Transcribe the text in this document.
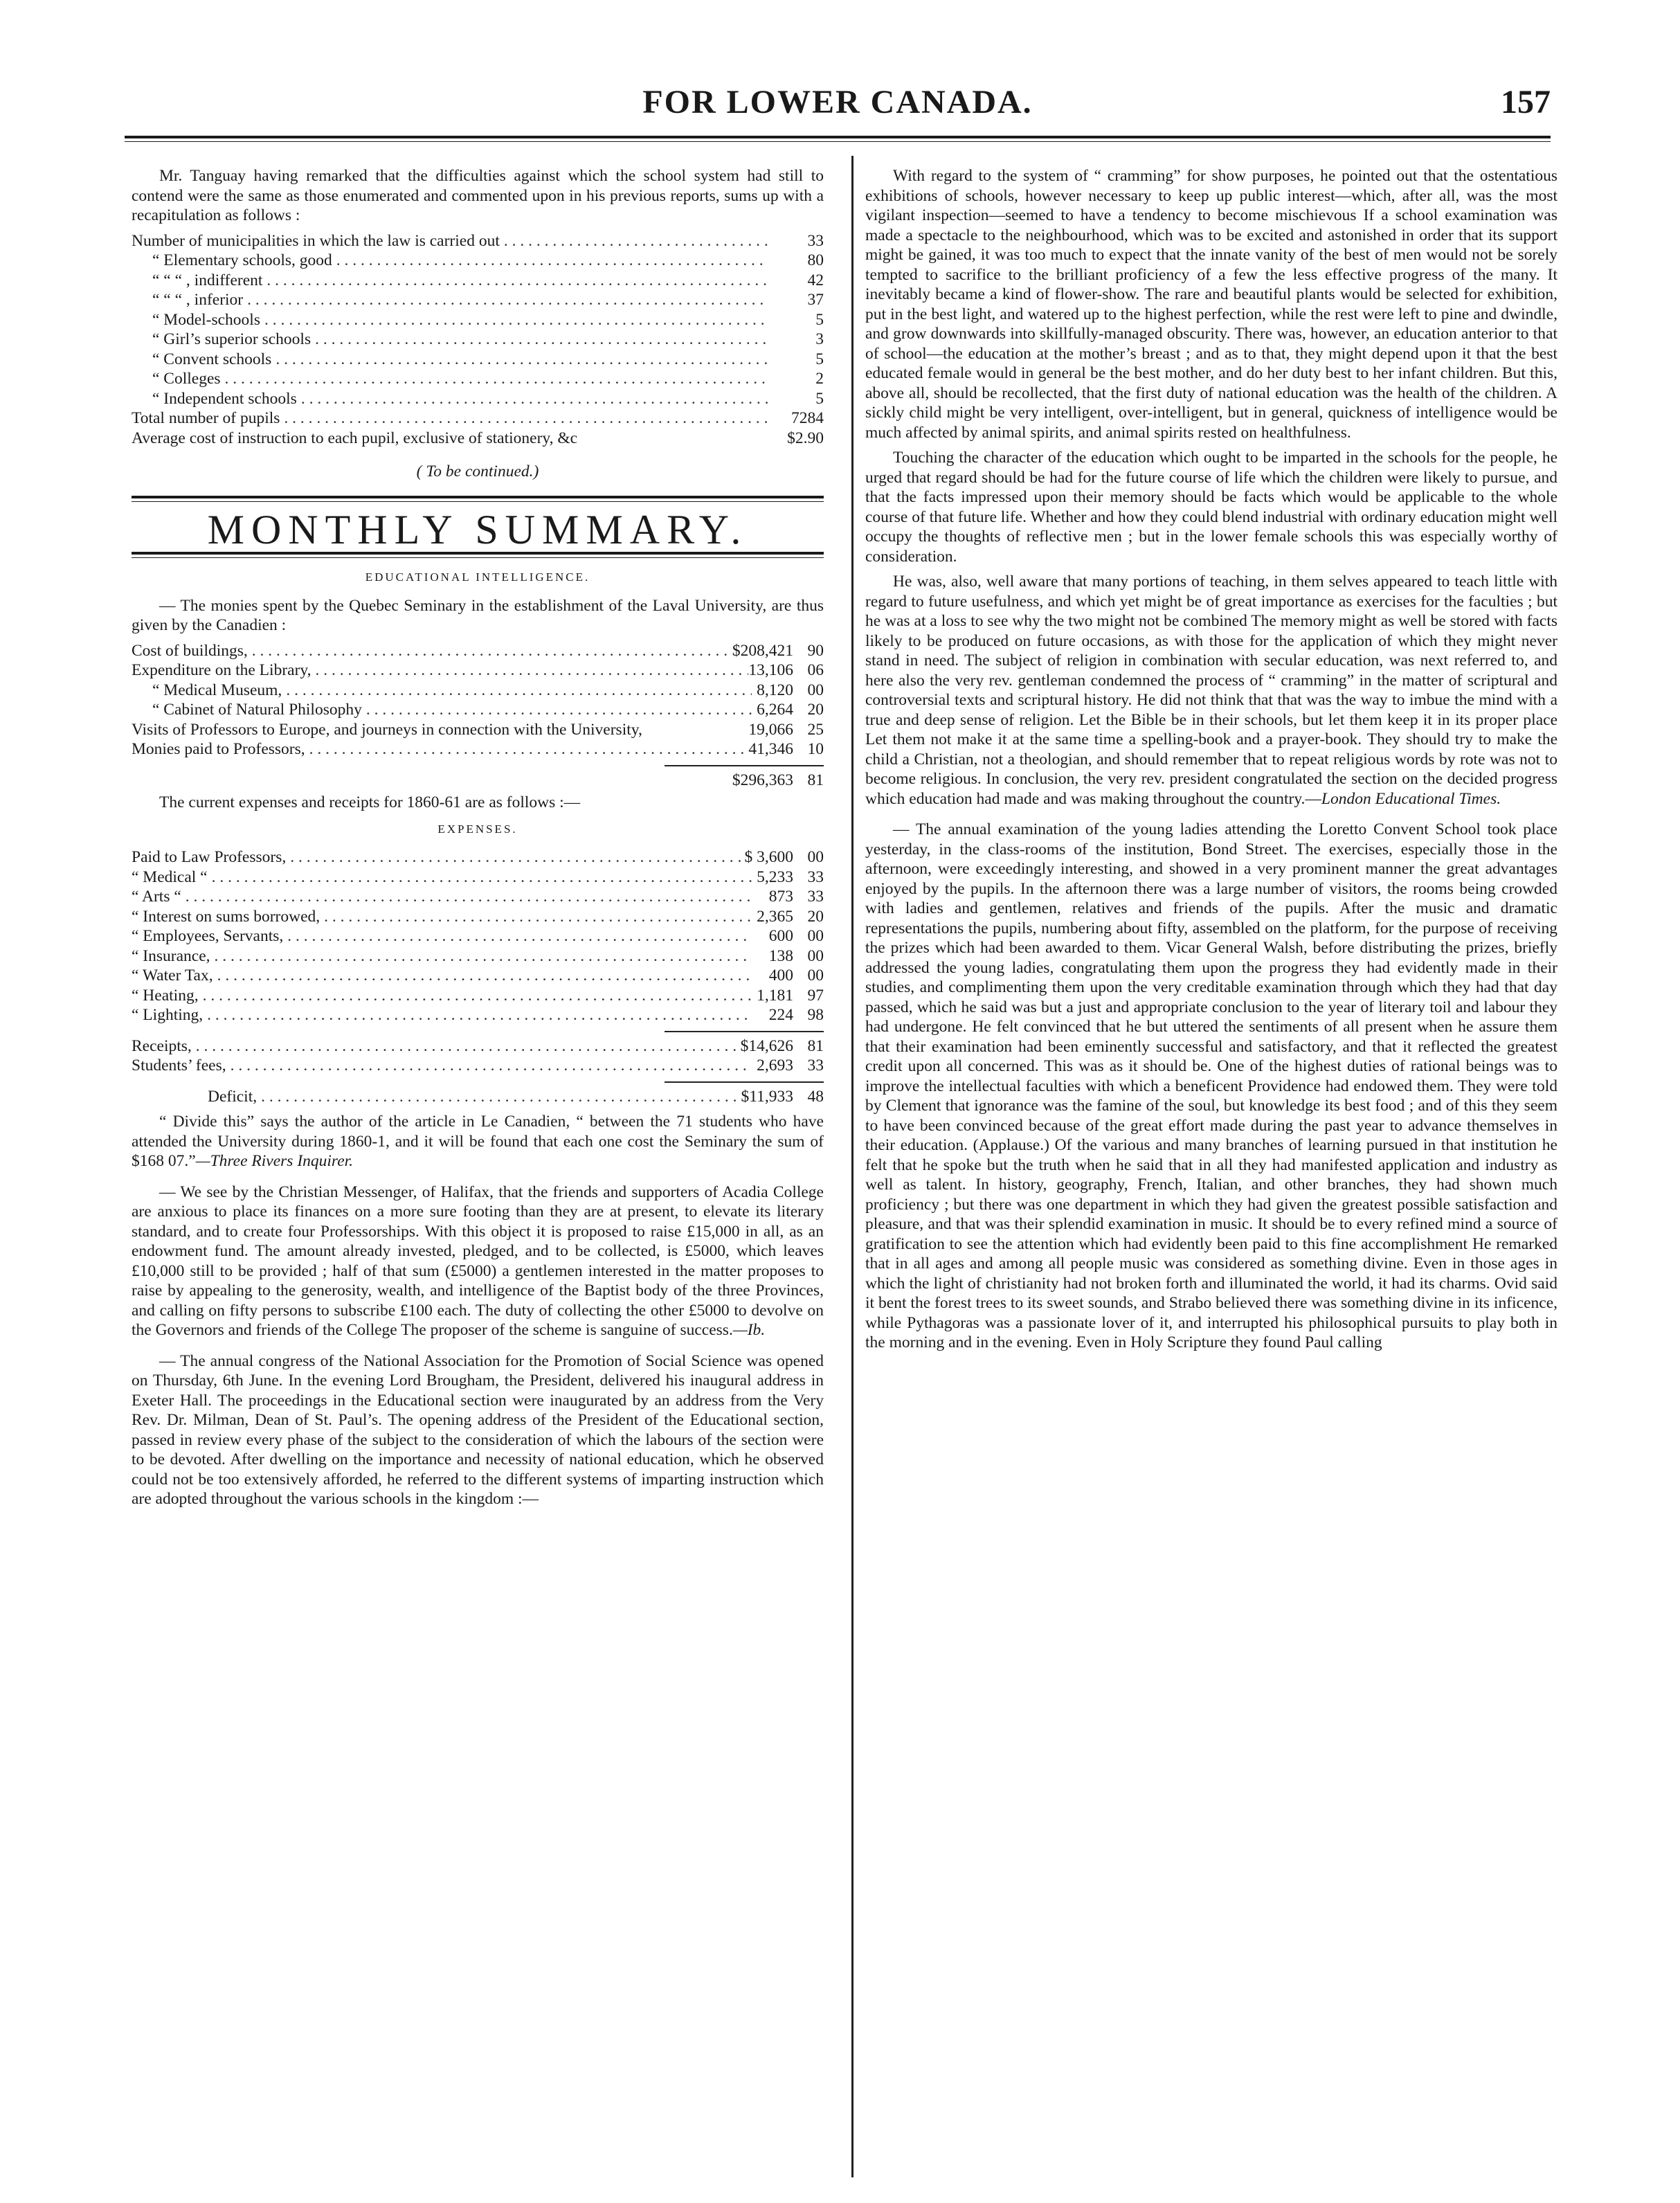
FOR LOWER CANADA.	157

Mr. Tanguay having remarked that the difficulties against which the school system had still to contend were the same as those enumerated and commented upon in his previous reports, sums up with a recapitulation as follows :

Number of municipalities in which the law is carried out . . .	33
“ Elementary schools, good . . .	80
“ “ “ , indifferent . . .	42
“ “ “ , inferior . . .	37
“ Model-schools . . .	5
“ Girl’s superior schools . . .	3
“ Convent schools . . .	5
“ Colleges . . .	2
“ Independent schools . . .	5
Total number of pupils . . .	7284
Average cost of instruction to each pupil, exclusive of stationery, &c	$2.90
( To be continued.)
MONTHLY SUMMARY.
EDUCATIONAL INTELLIGENCE.

— The monies spent by the Quebec Seminary in the establishment of the Laval University, are thus given by the Canadien :

Cost of buildings, . . .	$208,421 90
Expenditure on the Library, . . .	13,106 06
“ Medical Museum, . . .	8,120 00
“ Cabinet of Natural Philosophy . . .	6,264 20
Visits of Professors to Europe, and journeys in connection with the University,	19,066 25
Monies paid to Professors, . . .	41,346 10
$296,363 81

The current expenses and receipts for 1860-61 are as follows :—

EXPENSES.
Paid to Law Professors, . . .	$ 3,600 00
“ Medical “ . . .	5,233 33
“ Arts “ . . .	873 33
“ Interest on sums borrowed, . . .	2,365 20
“ Employees, Servants, . . .	600 00
“ Insurance, . . .	138 00
“ Water Tax, . . .	400 00
“ Heating, . . .	1,181 97
“ Lighting, . . .	224 98
Receipts, . . .	$14,626 81
Students’ fees, . . .	2,693 33
Deficit, . . .	$11,933 48

“ Divide this” says the author of the article in Le Canadien, “ between the 71 students who have attended the University during 1860-1, and it will be found that each one cost the Seminary the sum of $168 07.”—Three Rivers Inquirer.

— We see by the Christian Messenger, of Halifax, that the friends and supporters of Acadia College are anxious to place its finances on a more sure footing than they are at present, to elevate its literary standard, and to create four Professorships. With this object it is proposed to raise £15,000 in all, as an endowment fund. The amount already invested, pledged, and to be collected, is £5000, which leaves £10,000 still to be provided ; half of that sum (£5000) a gentlemen interested in the matter proposes to raise by appealing to the generosity, wealth, and intelligence of the Baptist body of the three Provinces, and calling on fifty persons to subscribe £100 each. The duty of collecting the other £5000 to devolve on the Governors and friends of the College The proposer of the scheme is sanguine of success.—Ib.

— The annual congress of the National Association for the Promotion of Social Science was opened on Thursday, 6th June. In the evening Lord Brougham, the President, delivered his inaugural address in Exeter Hall. The proceedings in the Educational section were inaugurated by an address from the Very Rev. Dr. Milman, Dean of St. Paul’s. The opening address of the President of the Educational section, passed in review every phase of the subject to the consideration of which the labours of the section were to be devoted. After dwelling on the importance and necessity of national education, which he observed could not be too extensively afforded, he referred to the different systems of imparting instruction which are adopted throughout the various schools in the kingdom :—

With regard to the system of “ cramming” for show purposes, he pointed out that the ostentatious exhibitions of schools, however necessary to keep up public interest—which, after all, was the most vigilant inspection—seemed to have a tendency to become mischievous If a school examination was made a spectacle to the neighbourhood, which was to be excited and astonished in order that its support might be gained, it was too much to expect that the innate vanity of the best of men would not be sorely tempted to sacrifice to the brilliant proficiency of a few the less effective progress of the many. It inevitably became a kind of flower-show. The rare and beautiful plants would be selected for exhibition, put in the best light, and watered up to the highest perfection, while the rest were left to pine and dwindle, and grow downwards into skillfully-managed obscurity. There was, however, an education anterior to that of school—the education at the mother’s breast ; and as to that, they might depend upon it that the best educated female would in general be the best mother, and do her duty best to her infant children. But this, above all, should be recollected, that the first duty of national education was the health of the children. A sickly child might be very intelligent, over-intelligent, but in general, quickness of intelligence would be much affected by animal spirits, and animal spirits rested on healthfulness.

Touching the character of the education which ought to be imparted in the schools for the people, he urged that regard should be had for the future course of life which the children were likely to pursue, and that the facts impressed upon their memory should be facts which would be applicable to the whole course of that future life. Whether and how they could blend industrial with ordinary education might well occupy the thoughts of reflective men ; but in the lower female schools this was especially worthy of consideration.

He was, also, well aware that many portions of teaching, in them selves appeared to teach little with regard to future usefulness, and which yet might be of great importance as exercises for the faculties ; but he was at a loss to see why the two might not be combined The memory might as well be stored with facts likely to be produced on future occasions, as with those for the application of which they might never stand in need. The subject of religion in combination with secular education, was next referred to, and here also the very rev. gentleman condemned the process of “ cramming” in the matter of scriptural and controversial texts and scriptural history. He did not think that that was the way to imbue the mind with a true and deep sense of religion. Let the Bible be in their schools, but let them keep it in its proper place Let them not make it at the same time a spelling-book and a prayer-book. They should try to make the child a Christian, not a theologian, and should remember that to repeat religious words by rote was not to become religious. In conclusion, the very rev. president congratulated the section on the decided progress which education had made and was making throughout the country.—London Educational Times.

— The annual examination of the young ladies attending the Loretto Convent School took place yesterday, in the class-rooms of the institution, Bond Street. The exercises, especially those in the afternoon, were exceedingly interesting, and showed in a very prominent manner the great advantages enjoyed by the pupils. In the afternoon there was a large number of visitors, the rooms being crowded with ladies and gentlemen, relatives and friends of the pupils. After the music and dramatic representations the pupils, numbering about fifty, assembled on the platform, for the purpose of receiving the prizes which had been awarded to them. Vicar General Walsh, before distributing the prizes, briefly addressed the young ladies, congratulating them upon the progress they had evidently made in their studies, and complimenting them upon the very creditable examination through which they had that day passed, which he said was but a just and appropriate conclusion to the year of literary toil and labour they had undergone. He felt convinced that he but uttered the sentiments of all present when he assure them that their examination had been eminently successful and satisfactory, and that it reflected the greatest credit upon all concerned. This was as it should be. One of the highest duties of rational beings was to improve the intellectual faculties with which a beneficent Providence had endowed them. They were told by Clement that ignorance was the famine of the soul, but knowledge its best food ; and of this they seem to have been convinced because of the great effort made during the past year to advance themselves in their education. (Applause.) Of the various and many branches of learning pursued in that institution he felt that he spoke but the truth when he said that in all they had manifested application and industry as well as talent. In history, geography, French, Italian, and other branches, they had shown much proficiency ; but there was one department in which they had given the greatest possible satisfaction and pleasure, and that was their splendid examination in music. It should be to every refined mind a source of gratification to see the attention which had evidently been paid to this fine accomplishment He remarked that in all ages and among all people music was considered as something divine. Even in those ages in which the light of christianity had not broken forth and illuminated the world, it had its charms. Ovid said it bent the forest trees to its sweet sounds, and Strabo believed there was something divine in its inficence, while Pythagoras was a passionate lover of it, and interrupted his philosophical pursuits to play both in the morning and in the evening. Even in Holy Scripture they found Paul calling
